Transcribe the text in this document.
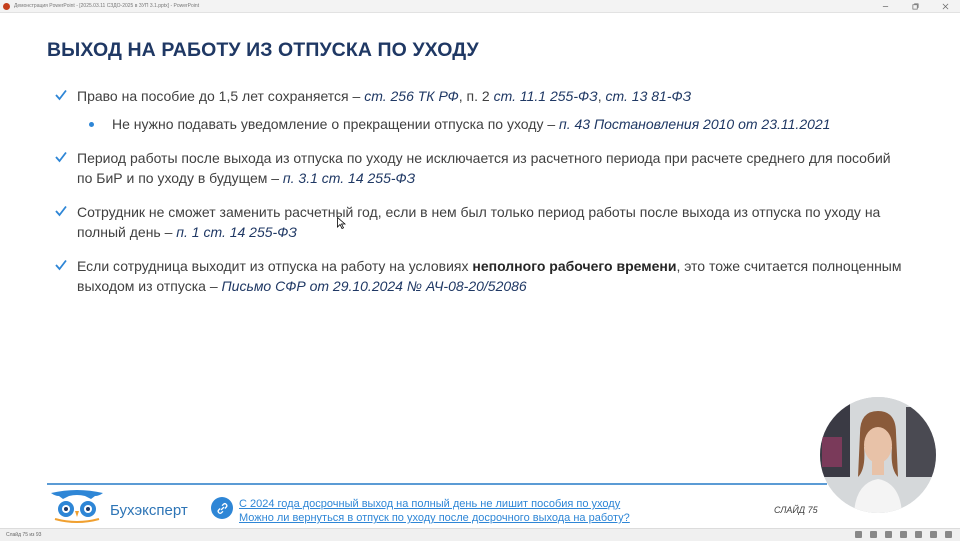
Демонстрация PowerPoint - [2025.03.11 СЗДО-2025 в ЗУП 3.1.pptx] - PowerPoint
ВЫХОД НА РАБОТУ ИЗ ОТПУСКА ПО УХОДУ
Право на пособие до 1,5 лет сохраняется – ст. 256 ТК РФ, п. 2 ст. 11.1 255-ФЗ, ст. 13 81-ФЗ
Не нужно подавать уведомление о прекращении отпуска по уходу – п. 43 Постановления 2010 от 23.11.2021
Период работы после выхода из отпуска по уходу не исключается из расчетного периода при расчете среднего для пособий по БиР и по уходу в будущем – п. 3.1 ст. 14 255-ФЗ
Сотрудник не сможет заменить расчетный год, если в нем был только период работы после выхода из отпуска по уходу на полный день – п. 1 ст. 14 255-ФЗ
Если сотрудница выходит из отпуска на работу на условиях неполного рабочего времени, это тоже считается полноценным выходом из отпуска – Письмо СФР от 29.10.2024 № АЧ-08-20/52086
Бухэксперт	С 2024 года досрочный выход на полный день не лишит пособия по уходу
Можно ли вернуться в отпуск по уходу после досрочного выхода на работу?
СЛАЙД 75
Слайд 75 из 93
